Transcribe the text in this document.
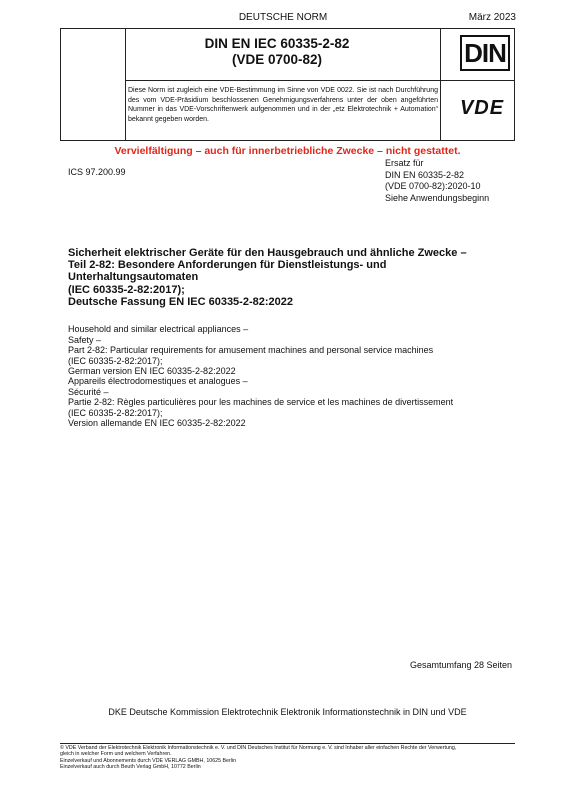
DEUTSCHE NORM	März 2023
DIN EN IEC 60335-2-82
(VDE 0700-82)
Diese Norm ist zugleich eine VDE-Bestimmung im Sinne von VDE 0022. Sie ist nach Durchführung des vom VDE-Präsidium beschlossenen Genehmigungsverfahrens unter der oben angeführten Nummer in das VDE-Vorschriftenwerk aufgenommen und in der „etz Elektrotechnik + Automation“ bekannt gegeben worden.
DIN
VDE
Vervielfältigung – auch für innerbetriebliche Zwecke – nicht gestattet.
ICS 97.200.99
Ersatz für
DIN EN 60335-2-82
(VDE 0700-82):2020-10
Siehe Anwendungsbeginn
Sicherheit elektrischer Geräte für den Hausgebrauch und ähnliche Zwecke –
Teil 2-82: Besondere Anforderungen für Dienstleistungs- und
Unterhaltungsautomaten
(IEC 60335-2-82:2017);
Deutsche Fassung EN IEC 60335-2-82:2022
Household and similar electrical appliances –
Safety –
Part 2-82: Particular requirements for amusement machines and personal service machines
(IEC 60335-2-82:2017);
German version EN IEC 60335-2-82:2022
Appareils électrodomestiques et analogues –
Sécurité –
Partie 2-82: Règles particulières pour les machines de service et les machines de divertissement
(IEC 60335-2-82:2017);
Version allemande EN IEC 60335-2-82:2022
Gesamtumfang 28 Seiten
DKE Deutsche Kommission Elektrotechnik Elektronik Informationstechnik in DIN und VDE
© VDE Verband der Elektrotechnik Elektronik Informationstechnik e. V. und DIN Deutsches Institut für Normung e. V. sind Inhaber aller einfachen Rechte der Verwertung,
gleich in welcher Form und welchem Verfahren.
Einzelverkauf und Abonnements durch VDE VERLAG GMBH, 10625 Berlin
Einzelverkauf auch durch Beuth Verlag GmbH, 10772 Berlin
